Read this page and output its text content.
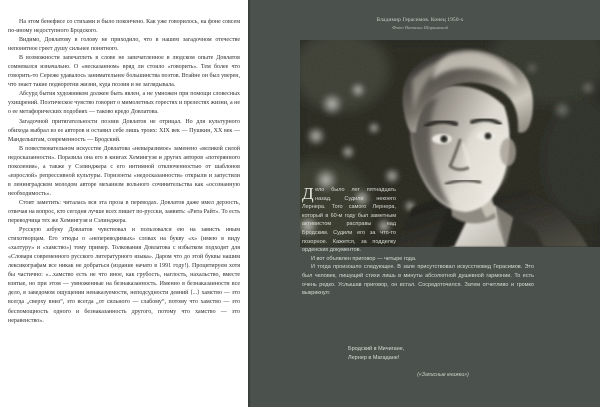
На этом бенефисе со стихами и было покончено. Как уже говорилось, на фоне совсем по-иному недоступного Бродского.

Видимо, Довлатову в голову не приходило, что в нашем загадочном отечестве непонятное греет душу сильнее понятного.

В возможности запечатлеть в слове не запечатленное в людском опыте Довлатов сомневался изначально. О «несказанном» вряд ли стоило «говорить». Тем более что говорить-то Сереже удавалось занимательнее большинства поэтов. Втайне он был уверен, что знает такие подворотни жизни, куда поэзия и не заглядывала.

Абсурд бытия художником должен быть явлен, а не умножен при помощи словесных ухищрений. Поэтическое чувство говорит о мимолетных горестях и прелестях жизни, а не о ее метафорических подобиях — таково кредо Довлатова.

Загадочной притягательности поэзии Довлатов не отрицал. Но для культурного обихода выбрал из ее авторов и оставил себе лишь троих: XIX век — Пушкин, XX век — Мандельштам, современность — Бродский.

В повествовательном искусстве Довлатова «невыразимое» заменено «великой силой недосказанности». Поразила она его в книгах Хемингуэя и других авторов «потерянного поколения», а также у Сэлинджера с его интимной отключенностью от шаблонов «взрослой» репрессивной культуры. Горизонты «недосказанности» открыли и запустили в ленинградском молодом авторе механизм вольного сочинительства как «осознанную необходимость».

Стоит заметить: читалась вся эта проза в переводах. Довлатов даже имел дерзость, отвечая на вопрос, кто сегодня лучше всех пишет по-русски, заявить: «Рита Райт». То есть переводчица тех же Хемингуэя и Сэлинджера.

Русскую азбуку Довлатов чувствовал и пользовался ею на зависть иным стихотворцам. Его этюды о «непереводимых» словах на букву «х» (имею в виду «халтуру» и «хамство») тому пример. Толкования Довлатова с избытком подходят для «Словаря современного русского литературного языка». Даром что до этой буквы нашим лексикографам все никак не добраться (издание начато в 1991 году!). Процитируем хотя бы частично: «...хамство есть не что иное, как грубость, наглость, нахальство, вместе взятые, но при этом — умноженные на безнаказанность. Именно в безнаказанности все дело, в заведомом ощущении ненаказуемости, неподсудности деяний ⟨...⟩ хамство — это всегда „сверху вниз“, это всегда „от сильного — слабому“, потому что хамство — это беспомощность одного и безнаказанность другого, потому что хамство — это неравенство».

Владимир Герасимов. Конец 1950-х
Фото Натальи Шарымовой

Дело было лет пятнадцать назад. Судили некоего Лернера. Того самого Лернера, который в 60-м году был заметным активистом расправы над Бродским. Судили его за что-то позорное. Кажется, за подделку орденских документов.

И вот объявлен приговор — четыре года.

И тогда произошло следующее. В зале присутствовал искусствовед Герасимов. Это был человек, пишущий стихи лишь в минуты абсолютной душевной гармонии. То есть очень редко. Услышав приговор, он встал. Сосредоточился. Затем отчетливо и громко выкрикнул:

Бродский в Мичигане,
Лернер в Магадане!
(«Записные книжки»)
